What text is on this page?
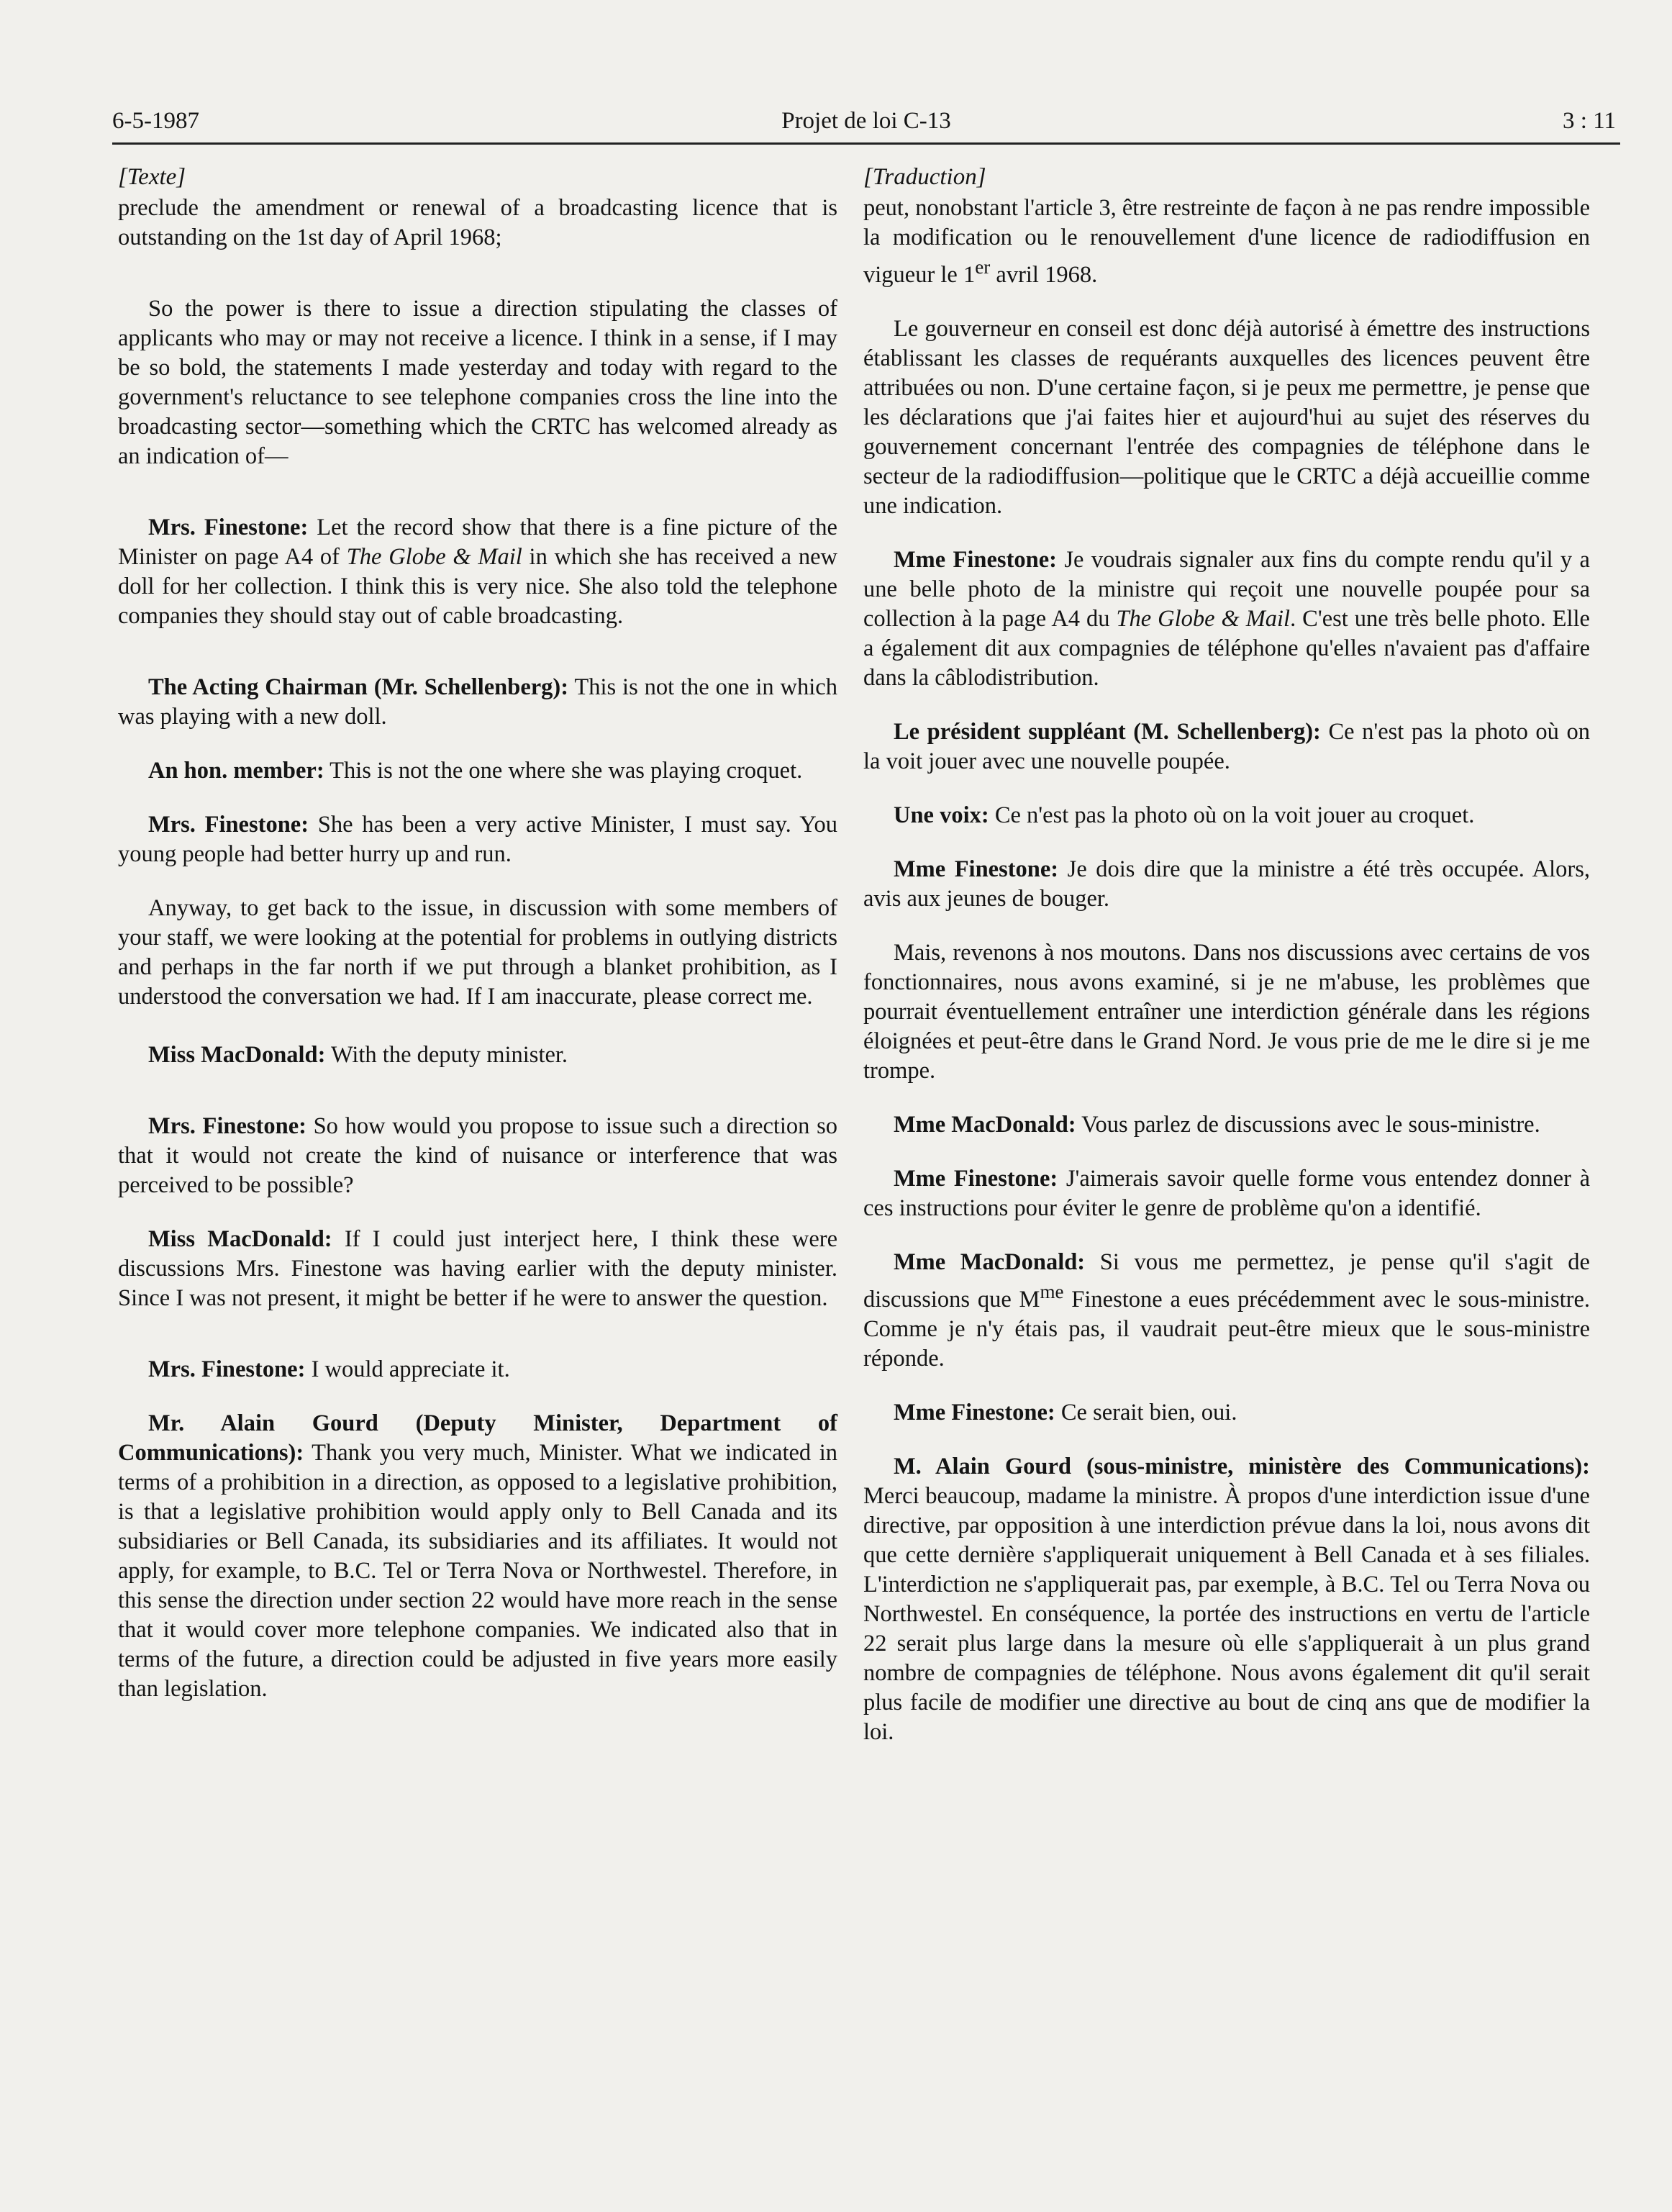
6-5-1987	Projet de loi C-13	3 : 11
[Texte]

preclude the amendment or renewal of a broadcasting licence that is outstanding on the 1st day of April 1968;

So the power is there to issue a direction stipulating the classes of applicants who may or may not receive a licence. I think in a sense, if I may be so bold, the statements I made yesterday and today with regard to the government's reluctance to see telephone companies cross the line into the broadcasting sector—something which the CRTC has welcomed already as an indication of—

Mrs. Finestone: Let the record show that there is a fine picture of the Minister on page A4 of The Globe & Mail in which she has received a new doll for her collection. I think this is very nice. She also told the telephone companies they should stay out of cable broadcasting.

The Acting Chairman (Mr. Schellenberg): This is not the one in which was playing with a new doll.

An hon. member: This is not the one where she was playing croquet.

Mrs. Finestone: She has been a very active Minister, I must say. You young people had better hurry up and run.

Anyway, to get back to the issue, in discussion with some members of your staff, we were looking at the potential for problems in outlying districts and perhaps in the far north if we put through a blanket prohibition, as I understood the conversation we had. If I am inaccurate, please correct me.

Miss MacDonald: With the deputy minister.

Mrs. Finestone: So how would you propose to issue such a direction so that it would not create the kind of nuisance or interference that was perceived to be possible?

Miss MacDonald: If I could just interject here, I think these were discussions Mrs. Finestone was having earlier with the deputy minister. Since I was not present, it might be better if he were to answer the question.

Mrs. Finestone: I would appreciate it.

Mr. Alain Gourd (Deputy Minister, Department of Communications): Thank you very much, Minister. What we indicated in terms of a prohibition in a direction, as opposed to a legislative prohibition, is that a legislative prohibition would apply only to Bell Canada and its subsidiaries or Bell Canada, its subsidiaries and its affiliates. It would not apply, for example, to B.C. Tel or Terra Nova or Northwestel. Therefore, in this sense the direction under section 22 would have more reach in the sense that it would cover more telephone companies. We indicated also that in terms of the future, a direction could be adjusted in five years more easily than legislation.

[Traduction]

peut, nonobstant l'article 3, être restreinte de façon à ne pas rendre impossible la modification ou le renouvellement d'une licence de radiodiffusion en vigueur le 1er avril 1968.

Le gouverneur en conseil est donc déjà autorisé à émettre des instructions établissant les classes de requérants auxquelles des licences peuvent être attribuées ou non. D'une certaine façon, si je peux me permettre, je pense que les déclarations que j'ai faites hier et aujourd'hui au sujet des réserves du gouvernement concernant l'entrée des compagnies de téléphone dans le secteur de la radiodiffusion—politique que le CRTC a déjà accueillie comme une indication.

Mme Finestone: Je voudrais signaler aux fins du compte rendu qu'il y a une belle photo de la ministre qui reçoit une nouvelle poupée pour sa collection à la page A4 du The Globe & Mail. C'est une très belle photo. Elle a également dit aux compagnies de téléphone qu'elles n'avaient pas d'affaire dans la câblodistribution.

Le président suppléant (M. Schellenberg): Ce n'est pas la photo où on la voit jouer avec une nouvelle poupée.

Une voix: Ce n'est pas la photo où on la voit jouer au croquet.

Mme Finestone: Je dois dire que la ministre a été très occupée. Alors, avis aux jeunes de bouger.

Mais, revenons à nos moutons. Dans nos discussions avec certains de vos fonctionnaires, nous avons examiné, si je ne m'abuse, les problèmes que pourrait éventuellement entraîner une interdiction générale dans les régions éloignées et peut-être dans le Grand Nord. Je vous prie de me le dire si je me trompe.

Mme MacDonald: Vous parlez de discussions avec le sous-ministre.

Mme Finestone: J'aimerais savoir quelle forme vous entendez donner à ces instructions pour éviter le genre de problème qu'on a identifié.

Mme MacDonald: Si vous me permettez, je pense qu'il s'agit de discussions que $M^{me}$ Finestone a eues précédemment avec le sous-ministre. Comme je n'y étais pas, il vaudrait peut-être mieux que le sous-ministre réponde.

Mme Finestone: Ce serait bien, oui.

M. Alain Gourd (sous-ministre, ministère des Communications): Merci beaucoup, madame la ministre. À propos d'une interdiction issue d'une directive, par opposition à une interdiction prévue dans la loi, nous avons dit que cette dernière s'appliquerait uniquement à Bell Canada et à ses filiales. L'interdiction ne s'appliquerait pas, par exemple, à B.C. Tel ou Terra Nova ou Northwestel. En conséquence, la portée des instructions en vertu de l'article 22 serait plus large dans la mesure où elle s'appliquerait à un plus grand nombre de compagnies de téléphone. Nous avons également dit qu'il serait plus facile de modifier une directive au bout de cinq ans que de modifier la loi.
